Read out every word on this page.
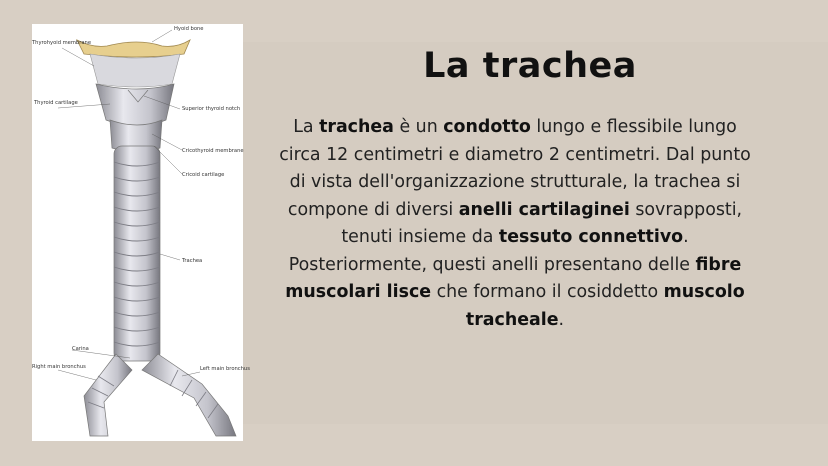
Hyoid bone
Thyrohyoid membrane
Thyroid cartilage
Superior thyroid notch
Cricothyroid membrane
Cricoid cartilage
Trachea
Carina
Right main bronchus	Left main bronchus
La trachea
La trachea è un condotto lungo e flessibile lungo circa 12 centimetri e diametro 2 centimetri. Dal punto di vista dell'organizzazione strutturale, la trachea si compone di diversi anelli cartilaginei sovrapposti, tenuti insieme da tessuto connettivo. Posteriormente, questi anelli presentano delle fibre muscolari lisce che formano il cosiddetto muscolo tracheale.
